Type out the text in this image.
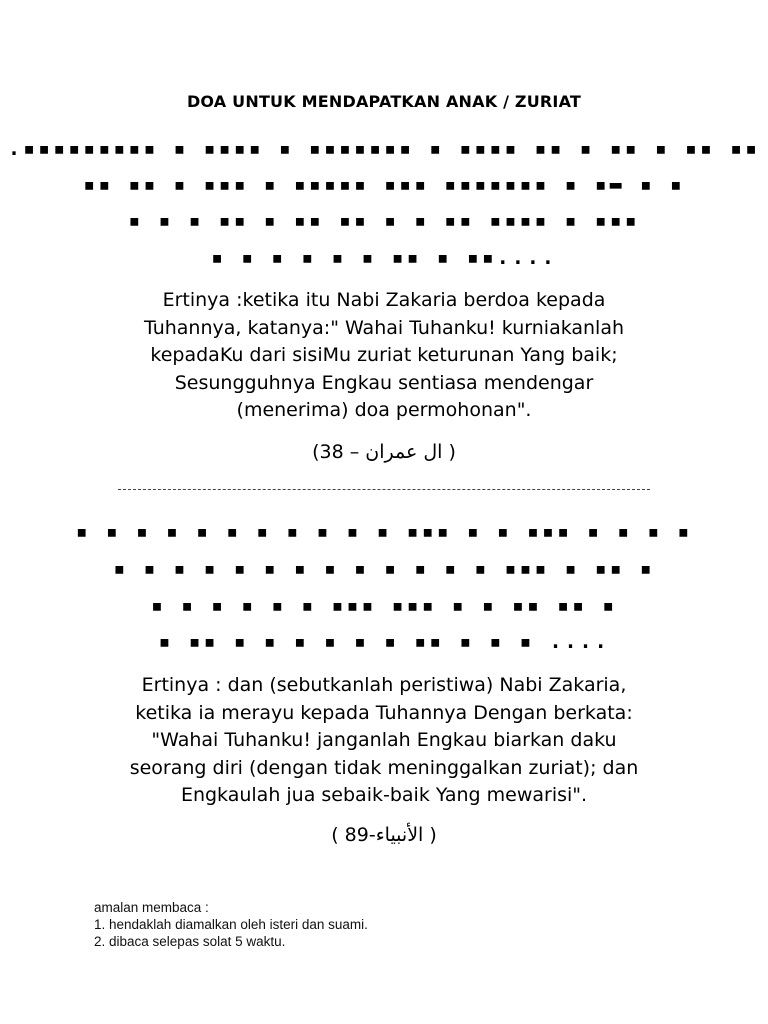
DOA UNTUK MENDAPATKAN ANAK / ZURIAT
.▪▪▪▪▪▪▪▪▪ ▪ ▪▪▪▪ ▪ ▪▪▪▪▪▪▪ ▪ ▪▪▪▪ ▪▪ ▪ ▪▪ ▪ ▪▪ ▪▪
▪▪ ▪▪ ▪ ▪▪▪ ▪ ▪▪▪▪▪ ▪▪▪ ▪▪▪▪▪▪▪ ▪ ▪▬ ▪ ▪
▪ ▪ ▪ ▪▪ ▪ ▪▪ ▪▪ ▪ ▪ ▪▪ ▪▪▪▪ ▪ ▪▪▪
▪ ▪ ▪ ▪ ▪ ▪ ▪▪ ▪ ▪▪....
Ertinya :ketika itu Nabi Zakaria berdoa kepada
Tuhannya, katanya:" Wahai Tuhanku! kurniakanlah
kepadaKu dari sisiMu zuriat keturunan Yang baik;
Sesungguhnya Engkau sentiasa mendengar
(menerima) doa permohonan".
(38 – ال عمران )
▪ ▪ ▪ ▪ ▪ ▪ ▪ ▪ ▪ ▪ ▪ ▪▪▪ ▪ ▪ ▪▪▪ ▪ ▪ ▪ ▪
▪ ▪ ▪ ▪ ▪ ▪ ▪ ▪ ▪ ▪ ▪ ▪ ▪ ▪▪▪ ▪ ▪▪ ▪
▪ ▪ ▪ ▪ ▪ ▪ ▪▪▪ ▪▪▪ ▪ ▪ ▪▪ ▪▪ ▪
▪ ▪▪ ▪ ▪ ▪ ▪ ▪ ▪ ▪▪ ▪ ▪ ▪ ....
Ertinya : dan (sebutkanlah peristiwa) Nabi Zakaria,
ketika ia merayu kepada Tuhannya Dengan berkata:
"Wahai Tuhanku! janganlah Engkau biarkan daku
seorang diri (dengan tidak meninggalkan zuriat); dan
Engkaulah jua sebaik-baik Yang mewarisi".
( الأنبياء-89 )
amalan membaca :
1. hendaklah diamalkan oleh isteri dan suami.
2. dibaca selepas solat 5 waktu.
